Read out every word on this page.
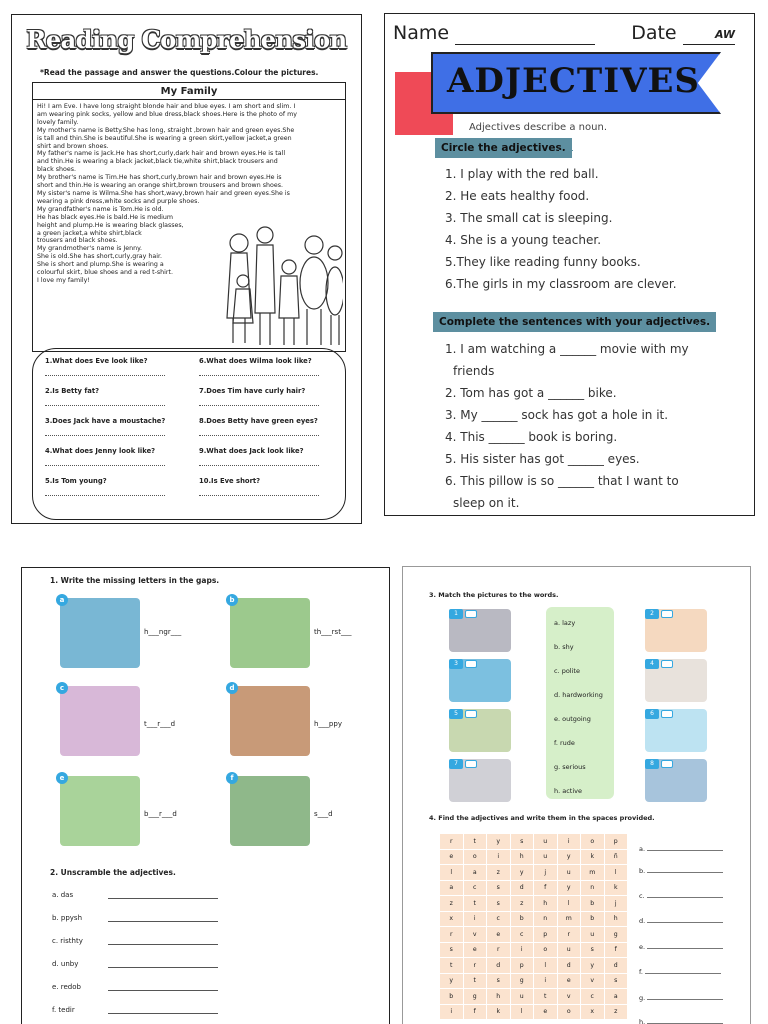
Reading Comprehension
*Read the passage and answer the questions.Colour the pictures.
My Family
Hi! I am Eve. I have long straight blonde hair and blue eyes. I am short and slim. I
am wearing pink socks, yellow and blue dress,black shoes.Here is the photo of my
lovely family.
My mother's name is Betty.She has long, straight ,brown hair and green eyes.She
is tall and thin.She is beautiful.She is wearing a green skirt,yellow jacket,a green
shirt and brown shoes.
My father's name is Jack.He has short,curly,dark hair and brown eyes.He is tall
and thin.He is wearing a black jacket,black tie,white shirt,black trousers and
black shoes.
My brother's name is Tim.He has short,curly,brown hair and brown eyes.He is
short and thin.He is wearing an orange shirt,brown trousers and brown shoes.
My sister's name is Wilma.She has short,wavy,brown hair and green eyes.She is
wearing a pink dress,white socks and purple shoes.
My grandfather's name is Tom.He is old.
He has black eyes.He is bald.He is medium
height and plump.He is wearing black glasses,
a green jacket,a white shirt,black
trousers and black shoes.
My grandmother's name is Jenny.
She is old.She has short,curly,gray hair.
She is short and plump.She is wearing a
colourful skirt, blue shoes and a red t-shirt.
I love my family!
1.What does Eve look like?
2.Is Betty fat?
3.Does Jack have a moustache?
4.What does Jenny look like?
5.Is Tom young?
6.What does Wilma look like?
7.Does Tim have curly hair?
8.Does Betty have green eyes?
9.What does Jack look like?
10.Is Eve short?
Name	Date	AW
ADJECTIVES
Adjectives describe a noun.
Circle the adjectives.
1. I play with the red ball.
2. He eats healthy food.
3. The small cat is sleeping.
4. She is a young teacher.
5.They like reading funny books.
6.The girls in my classroom are clever.
Complete the sentences with your adjectives.
1. I am watching a ______ movie with my
friends
2. Tom has got a ______ bike.
3. My ______ sock has got a hole in it.
4. This ______ book is boring.
5. His sister has got ______ eyes.
6. This pillow is so ______ that I want to
sleep on it.
1. Write the missing letters in the gaps.
a
h___ngr___
b
th___rst___
c
t___r___d
d
h___ppy
e
b___r___d
f
s___d
2. Unscramble the adjectives.
a. das
b. ppysh
c. risthty
d. unby
e. redob
f. tedir
3. Match the pictures to the words.
1
3
5
7
2
4
6
8
a. lazy
b. shy
c. polite
d. hardworking
e. outgoing
f. rude
g. serious
h. active
4. Find the adjectives and write them in the spaces provided.
r	t	y	s	u	i	o	p
e	o	i	h	u	y	k	ñ
l	a	z	y	j	u	m	l
a	c	s	d	f	y	n	k
z	t	s	z	h	l	b	j
x	i	c	b	n	m	b	h
r	v	e	c	p	r	u	g
s	e	r	i	o	u	s	f
t	r	d	p	l	d	y	d
y	t	s	g	i	e	v	s
b	g	h	u	t	v	c	a
i	f	k	l	e	o	x	z
a.
b.
c.
d.
e.
f.
g.
h.
